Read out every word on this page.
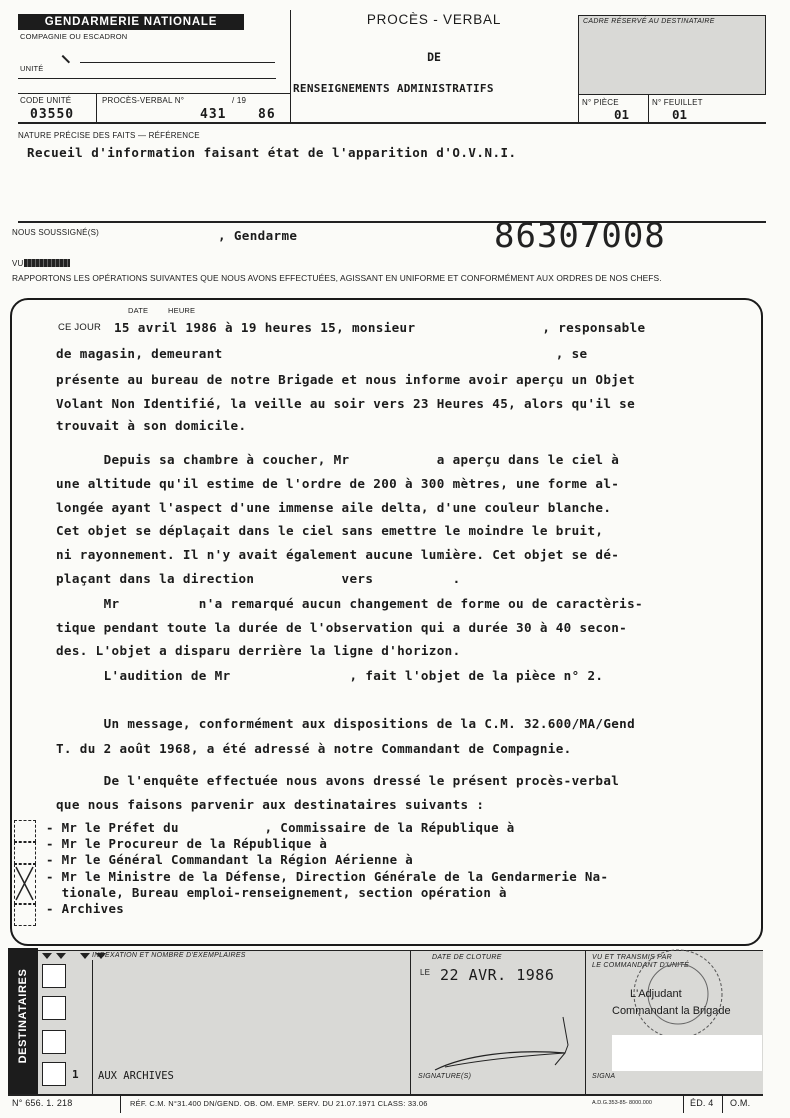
GENDARMERIE NATIONALE
COMPAGNIE OU ESCADRON
UNITÉ
CODE UNITÉ
03550
PROCÈS-VERBAL N°	/ 19
431 86
PROCÈS - VERBAL
DE
RENSEIGNEMENTS ADMINISTRATIFS
CADRE RÉSERVÉ AU DESTINATAIRE
N° PIÈCE
01
N° FEUILLET
01
NATURE PRÉCISE DES FAITS — RÉFÉRENCE
Recueil d'information faisant état de l'apparition d'O.V.N.I.
NOUS SOUSSIGNÉ(S)	, Gendarme	86307008
VU
RAPPORTONS LES OPÉRATIONS SUIVANTES QUE NOUS AVONS EFFECTUÉES, AGISSANT EN UNIFORME ET CONFORMÉMENT AUX ORDRES DE NOS CHEFS.
DATE	HEURE
CE JOUR 15 avril 1986 à 19 heures 15, monsieur                , responsable
de magasin, demeurant                                          , se
présente au bureau de notre Brigade et nous informe avoir aperçu un Objet
Volant Non Identifié, la veille au soir vers 23 Heures 45, alors qu'il se
trouvait à son domicile.
Depuis sa chambre à coucher, Mr           a aperçu dans le ciel à
une altitude qu'il estime de l'ordre de 200 à 300 mètres, une forme al-
longée ayant l'aspect d'une immense aile delta, d'une couleur blanche.
Cet objet se déplaçait dans le ciel sans emettre le moindre le bruit,
ni rayonnement. Il n'y avait également aucune lumière. Cet objet se dé-
plaçant dans la direction           vers          .
Mr          n'a remarqué aucun changement de forme ou de caractèris-
tique pendant toute la durée de l'observation qui a durée 30 à 40 secon-
des. L'objet a disparu derrière la ligne d'horizon.
L'audition de Mr               , fait l'objet de la pièce n° 2.
Un message, conformément aux dispositions de la C.M. 32.600/MA/Gend
T. du 2 août 1968, a été adressé à notre Commandant de Compagnie.
De l'enquête effectuée nous avons dressé le présent procès-verbal
que nous faisons parvenir aux destinataires suivants :
- Mr le Préfet du           , Commissaire de la République à
- Mr le Procureur de la République à
- Mr le Général Commandant la Région Aérienne à
- Mr le Ministre de la Défense, Direction Générale de la Gendarmerie Na-
tionale, Bureau emploi-renseignement, section opération à
- Archives
DESTINATAIRES
INDEXATION ET NOMBRE D'EXEMPLAIRES
1 AUX ARCHIVES
DATE DE CLOTURE
LE 22 AVR. 1986
SIGNATURE(S)
VU ET TRANSMIS PAR
LE COMMANDANT D'UNITÉ
L'Adjudant
Commandant la Brigade
SIGNA
N° 656. 1. 218	RÉF. C.M. N°31.400 DN/GEND. OB. OM. EMP. SERV. DU 21.07.1971 CLASS: 33.06	A.D.G.353-85- 8000.000	ÉD. 4 O.M.
